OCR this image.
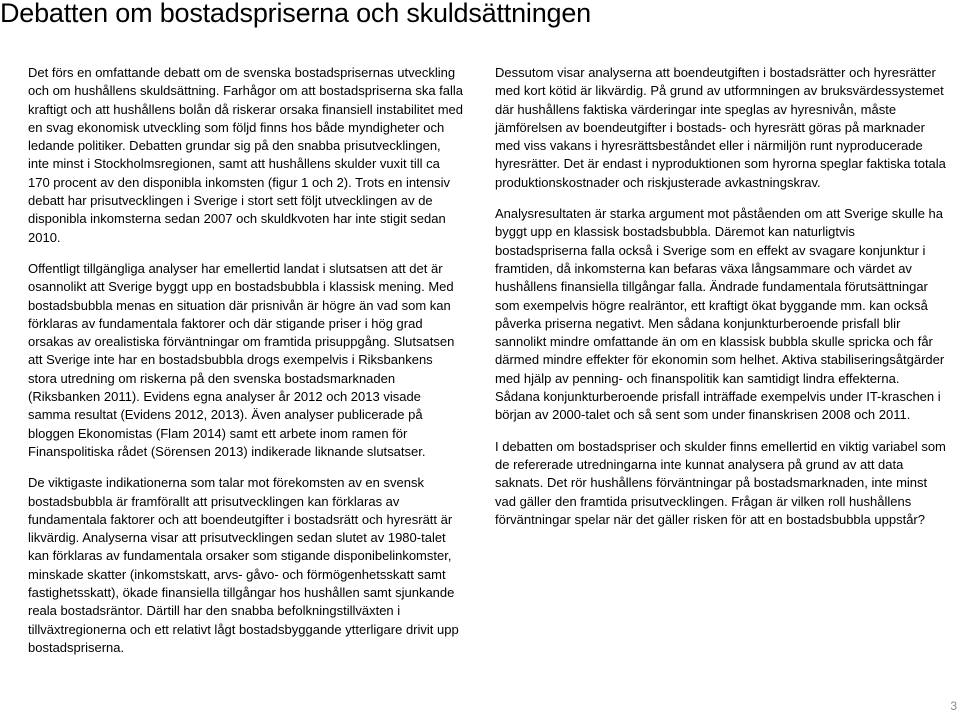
Debatten om bostadspriserna och skuldsättningen

Det förs en omfattande debatt om de svenska bostadsprisernas utveckling och om hushållens skuldsättning. Farhågor om att bostadspriserna ska falla kraftigt och att hushållens bolån då riskerar orsaka finansiell instabilitet med en svag ekonomisk utveckling som följd finns hos både myndigheter och ledande politiker. Debatten grundar sig på den snabba prisutvecklingen, inte minst i Stockholmsregionen, samt att hushållens skulder vuxit till ca 170 procent av den disponibla inkomsten (figur 1 och 2). Trots en intensiv debatt har prisutvecklingen i Sverige i stort sett följt utvecklingen av de disponibla inkomsterna sedan 2007 och skuldkvoten har inte stigit sedan 2010.

Offentligt tillgängliga analyser har emellertid landat i slutsatsen att det är osannolikt att Sverige byggt upp en bostadsbubbla i klassisk mening. Med bostadsbubbla menas en situation där prisnivån är högre än vad som kan förklaras av fundamentala faktorer och där stigande priser i hög grad orsakas av orealistiska förväntningar om framtida prisuppgång. Slutsatsen att Sverige inte har en bostadsbubbla drogs exempelvis i Riksbankens stora utredning om riskerna på den svenska bostadsmarknaden (Riksbanken 2011). Evidens egna analyser år 2012 och 2013 visade samma resultat (Evidens 2012, 2013). Även analyser publicerade på bloggen Ekonomistas (Flam 2014) samt ett arbete inom ramen för Finanspolitiska rådet (Sörensen 2013) indikerade liknande slutsatser.

De viktigaste indikationerna som talar mot förekomsten av en svensk bostadsbubbla är framförallt att prisutvecklingen kan förklaras av fundamentala faktorer och att boendeutgifter i bostadsrätt och hyresrätt är likvärdig. Analyserna visar att prisutvecklingen sedan slutet av 1980-talet kan förklaras av fundamentala orsaker som stigande disponibelinkomster, minskade skatter (inkomstskatt, arvs- gåvo- och förmögenhetsskatt samt fastighetsskatt), ökade finansiella tillgångar hos hushållen samt sjunkande reala bostadsräntor. Därtill har den snabba befolkningstillväxten i tillväxtregionerna och ett relativt lågt bostadsbyggande ytterligare drivit upp bostadspriserna.

Dessutom visar analyserna att boendeutgiften i bostadsrätter och hyresrätter med kort kötid är likvärdig. På grund av utformningen av bruksvärdessystemet där hushållens faktiska värderingar inte speglas av hyresnivån, måste jämförelsen av boendeutgifter i bostads- och hyresrätt göras på marknader med viss vakans i hyresrättsbeståndet eller i närmiljön runt nyproducerade hyresrätter. Det är endast i nyproduktionen som hyrorna speglar faktiska totala produktionskostnader och riskjusterade avkastningskrav.

Analysresultaten är starka argument mot påståenden om att Sverige skulle ha byggt upp en klassisk bostadsbubbla. Däremot kan naturligtvis bostadspriserna falla också i Sverige som en effekt av svagare konjunktur i framtiden, då inkomsterna kan befaras växa långsammare och värdet av hushållens finansiella tillgångar falla. Ändrade fundamentala förutsättningar som exempelvis högre realräntor, ett kraftigt ökat byggande mm. kan också påverka priserna negativt. Men sådana konjunkturberoende prisfall blir sannolikt mindre omfattande än om en klassisk bubbla skulle spricka och får därmed mindre effekter för ekonomin som helhet. Aktiva stabiliseringsåtgärder med hjälp av penning- och finanspolitik kan samtidigt lindra effekterna. Sådana konjunkturberoende prisfall inträffade exempelvis under IT-kraschen i början av 2000-talet och så sent som under finanskrisen 2008 och 2011.

I debatten om bostadspriser och skulder finns emellertid en viktig variabel som de refererade utredningarna inte kunnat analysera på grund av att data saknats. Det rör hushållens förväntningar på bostadsmarknaden, inte minst vad gäller den framtida prisutvecklingen. Frågan är vilken roll hushållens förväntningar spelar när det gäller risken för att en bostadsbubbla uppstår?

3
